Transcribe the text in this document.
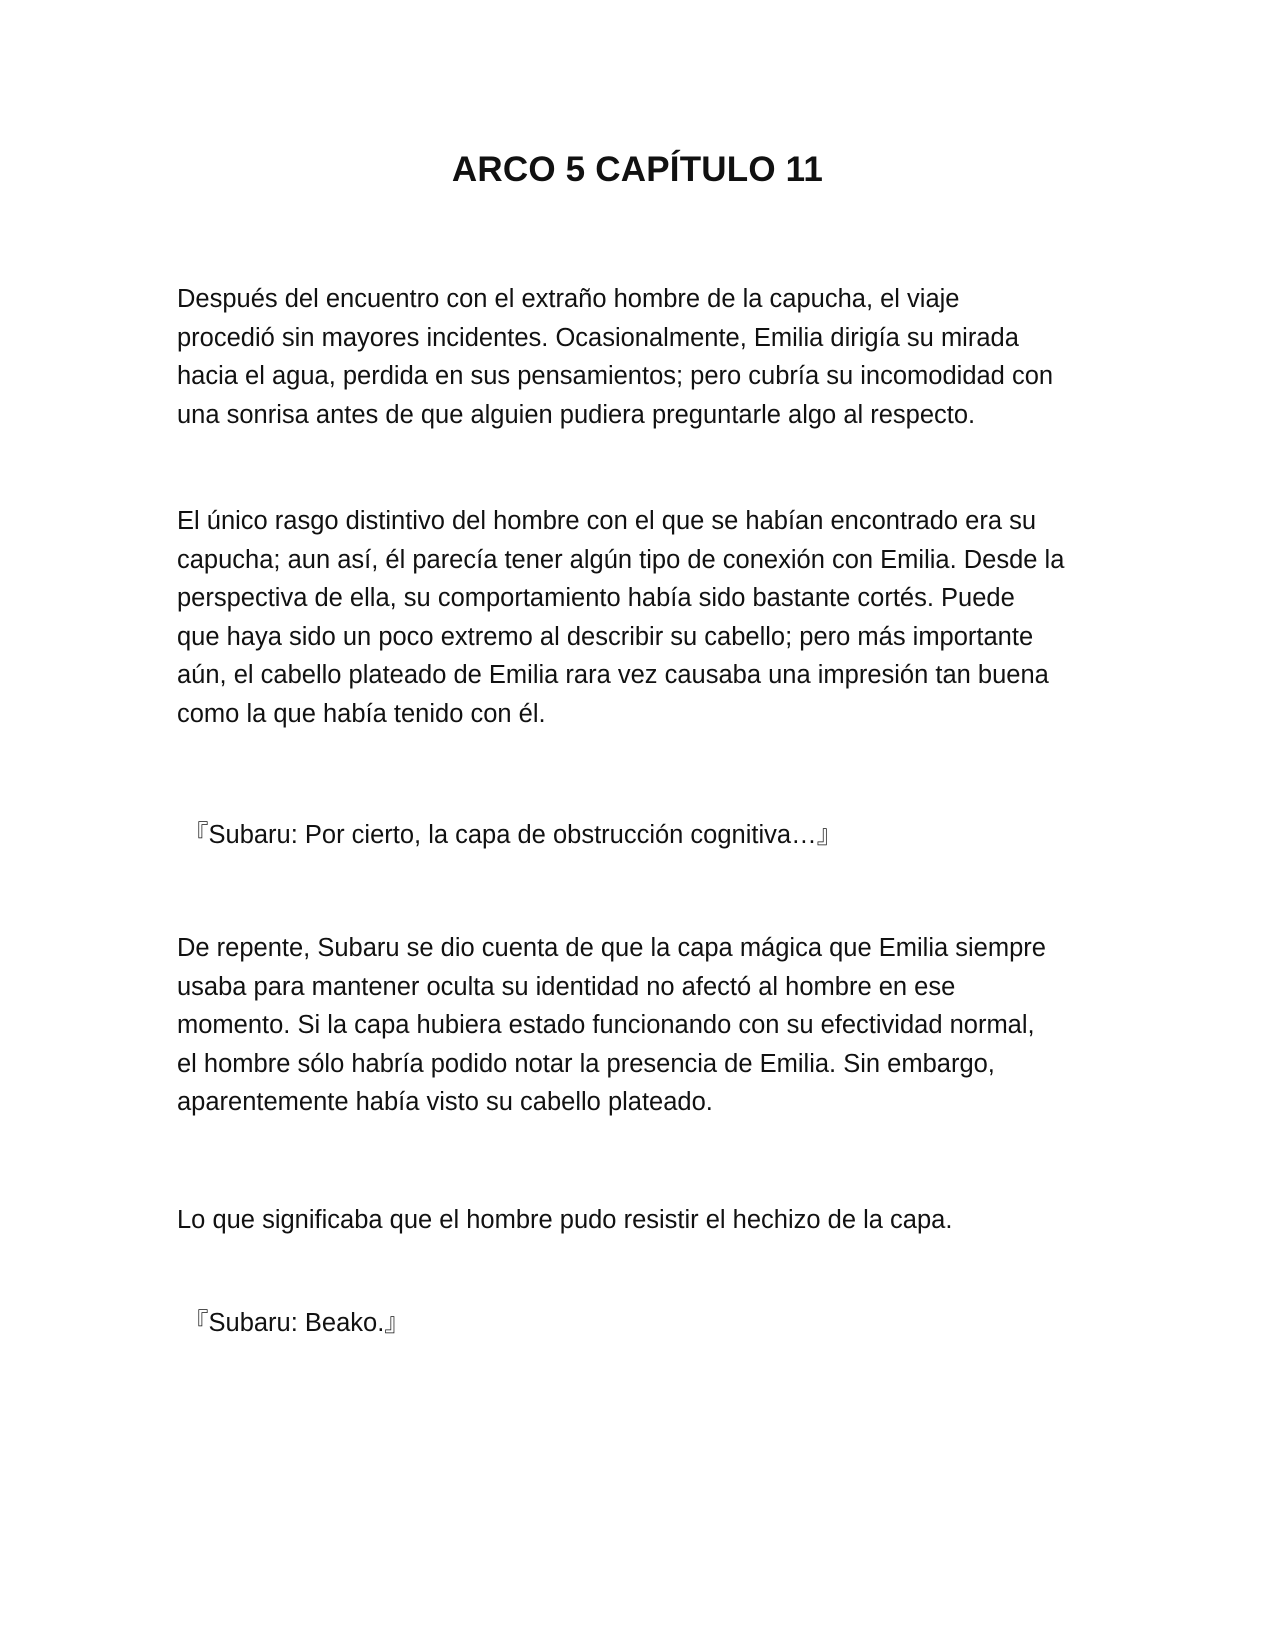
ARCO 5 CAPÍTULO 11

Después del encuentro con el extraño hombre de la capucha, el viaje
procedió sin mayores incidentes. Ocasionalmente, Emilia dirigía su mirada
hacia el agua, perdida en sus pensamientos; pero cubría su incomodidad con
una sonrisa antes de que alguien pudiera preguntarle algo al respecto.

El único rasgo distintivo del hombre con el que se habían encontrado era su
capucha; aun así, él parecía tener algún tipo de conexión con Emilia. Desde la
perspectiva de ella, su comportamiento había sido bastante cortés. Puede
que haya sido un poco extremo al describir su cabello; pero más importante
aún, el cabello plateado de Emilia rara vez causaba una impresión tan buena
como la que había tenido con él.

『Subaru: Por cierto, la capa de obstrucción cognitiva…』

De repente, Subaru se dio cuenta de que la capa mágica que Emilia siempre
usaba para mantener oculta su identidad no afectó al hombre en ese
momento. Si la capa hubiera estado funcionando con su efectividad normal,
el hombre sólo habría podido notar la presencia de Emilia. Sin embargo,
aparentemente había visto su cabello plateado.

Lo que significaba que el hombre pudo resistir el hechizo de la capa.

『Subaru: Beako.』
